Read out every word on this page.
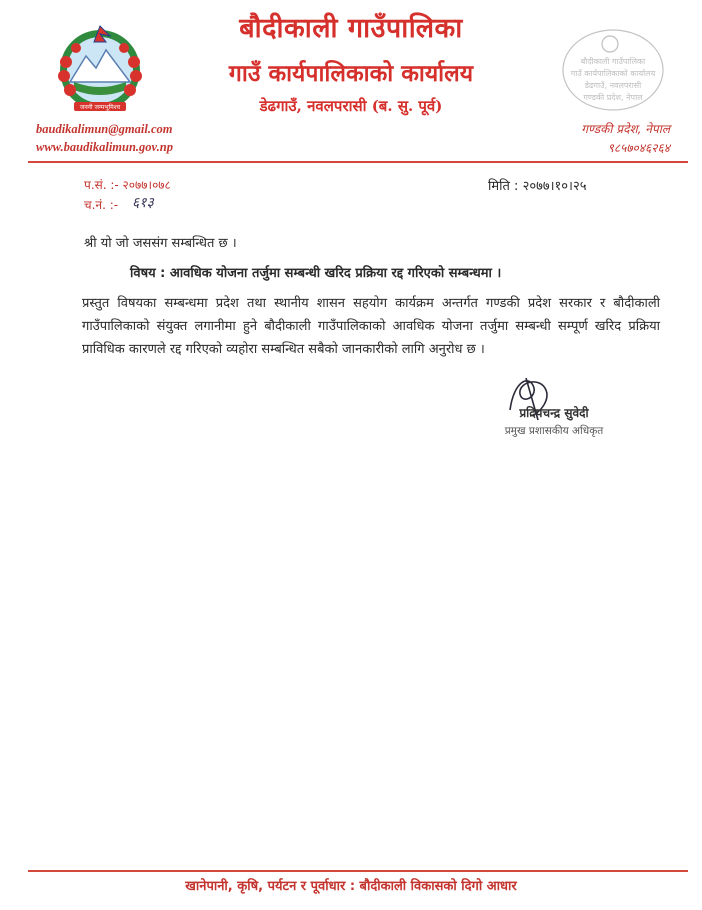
जननी जन्मभूमिश्च
बौदीकाली गाउँपालिका
गाउँ कार्यपालिकाको कार्यालय
डेढगाउँ, नवलपरासी (ब. सु. पूर्व)
बौदीकाली गाउँपालिका
गाउँ कार्यपालिकाको कार्यालय
डेढगाउँ, नवलपरासी
गण्डकी प्रदेश, नेपाल
baudikalimun@gmail.com
www.baudikalimun.gov.np
गण्डकी प्रदेश, नेपाल
९८५७०४६२६४
प.सं. :- २०७७।०७८
च.नं. :- ६१३
मिति : २०७७।१०।२५
श्री यो जो जससंग सम्बन्धित छ ।
विषय : आवधिक योजना तर्जुमा सम्बन्धी खरिद प्रक्रिया रद्द गरिएको सम्बन्धमा ।
प्रस्तुत विषयका सम्बन्धमा प्रदेश तथा स्थानीय शासन सहयोग कार्यक्रम अन्तर्गत गण्डकी प्रदेश सरकार र बौदीकाली गाउँपालिकाको संयुक्त लगानीमा हुने बौदीकाली गाउँपालिकाको आवधिक योजना तर्जुमा सम्बन्धी सम्पूर्ण खरिद प्रक्रिया प्राविधिक कारणले रद्द गरिएको व्यहोरा सम्बन्धित सबैको जानकारीको लागि अनुरोध छ ।
प्रदिपचन्द्र सुवेदी
प्रमुख प्रशासकीय अधिकृत
खानेपानी, कृषि, पर्यटन र पूर्वाधार : बौदीकाली विकासको दिगो आधार
